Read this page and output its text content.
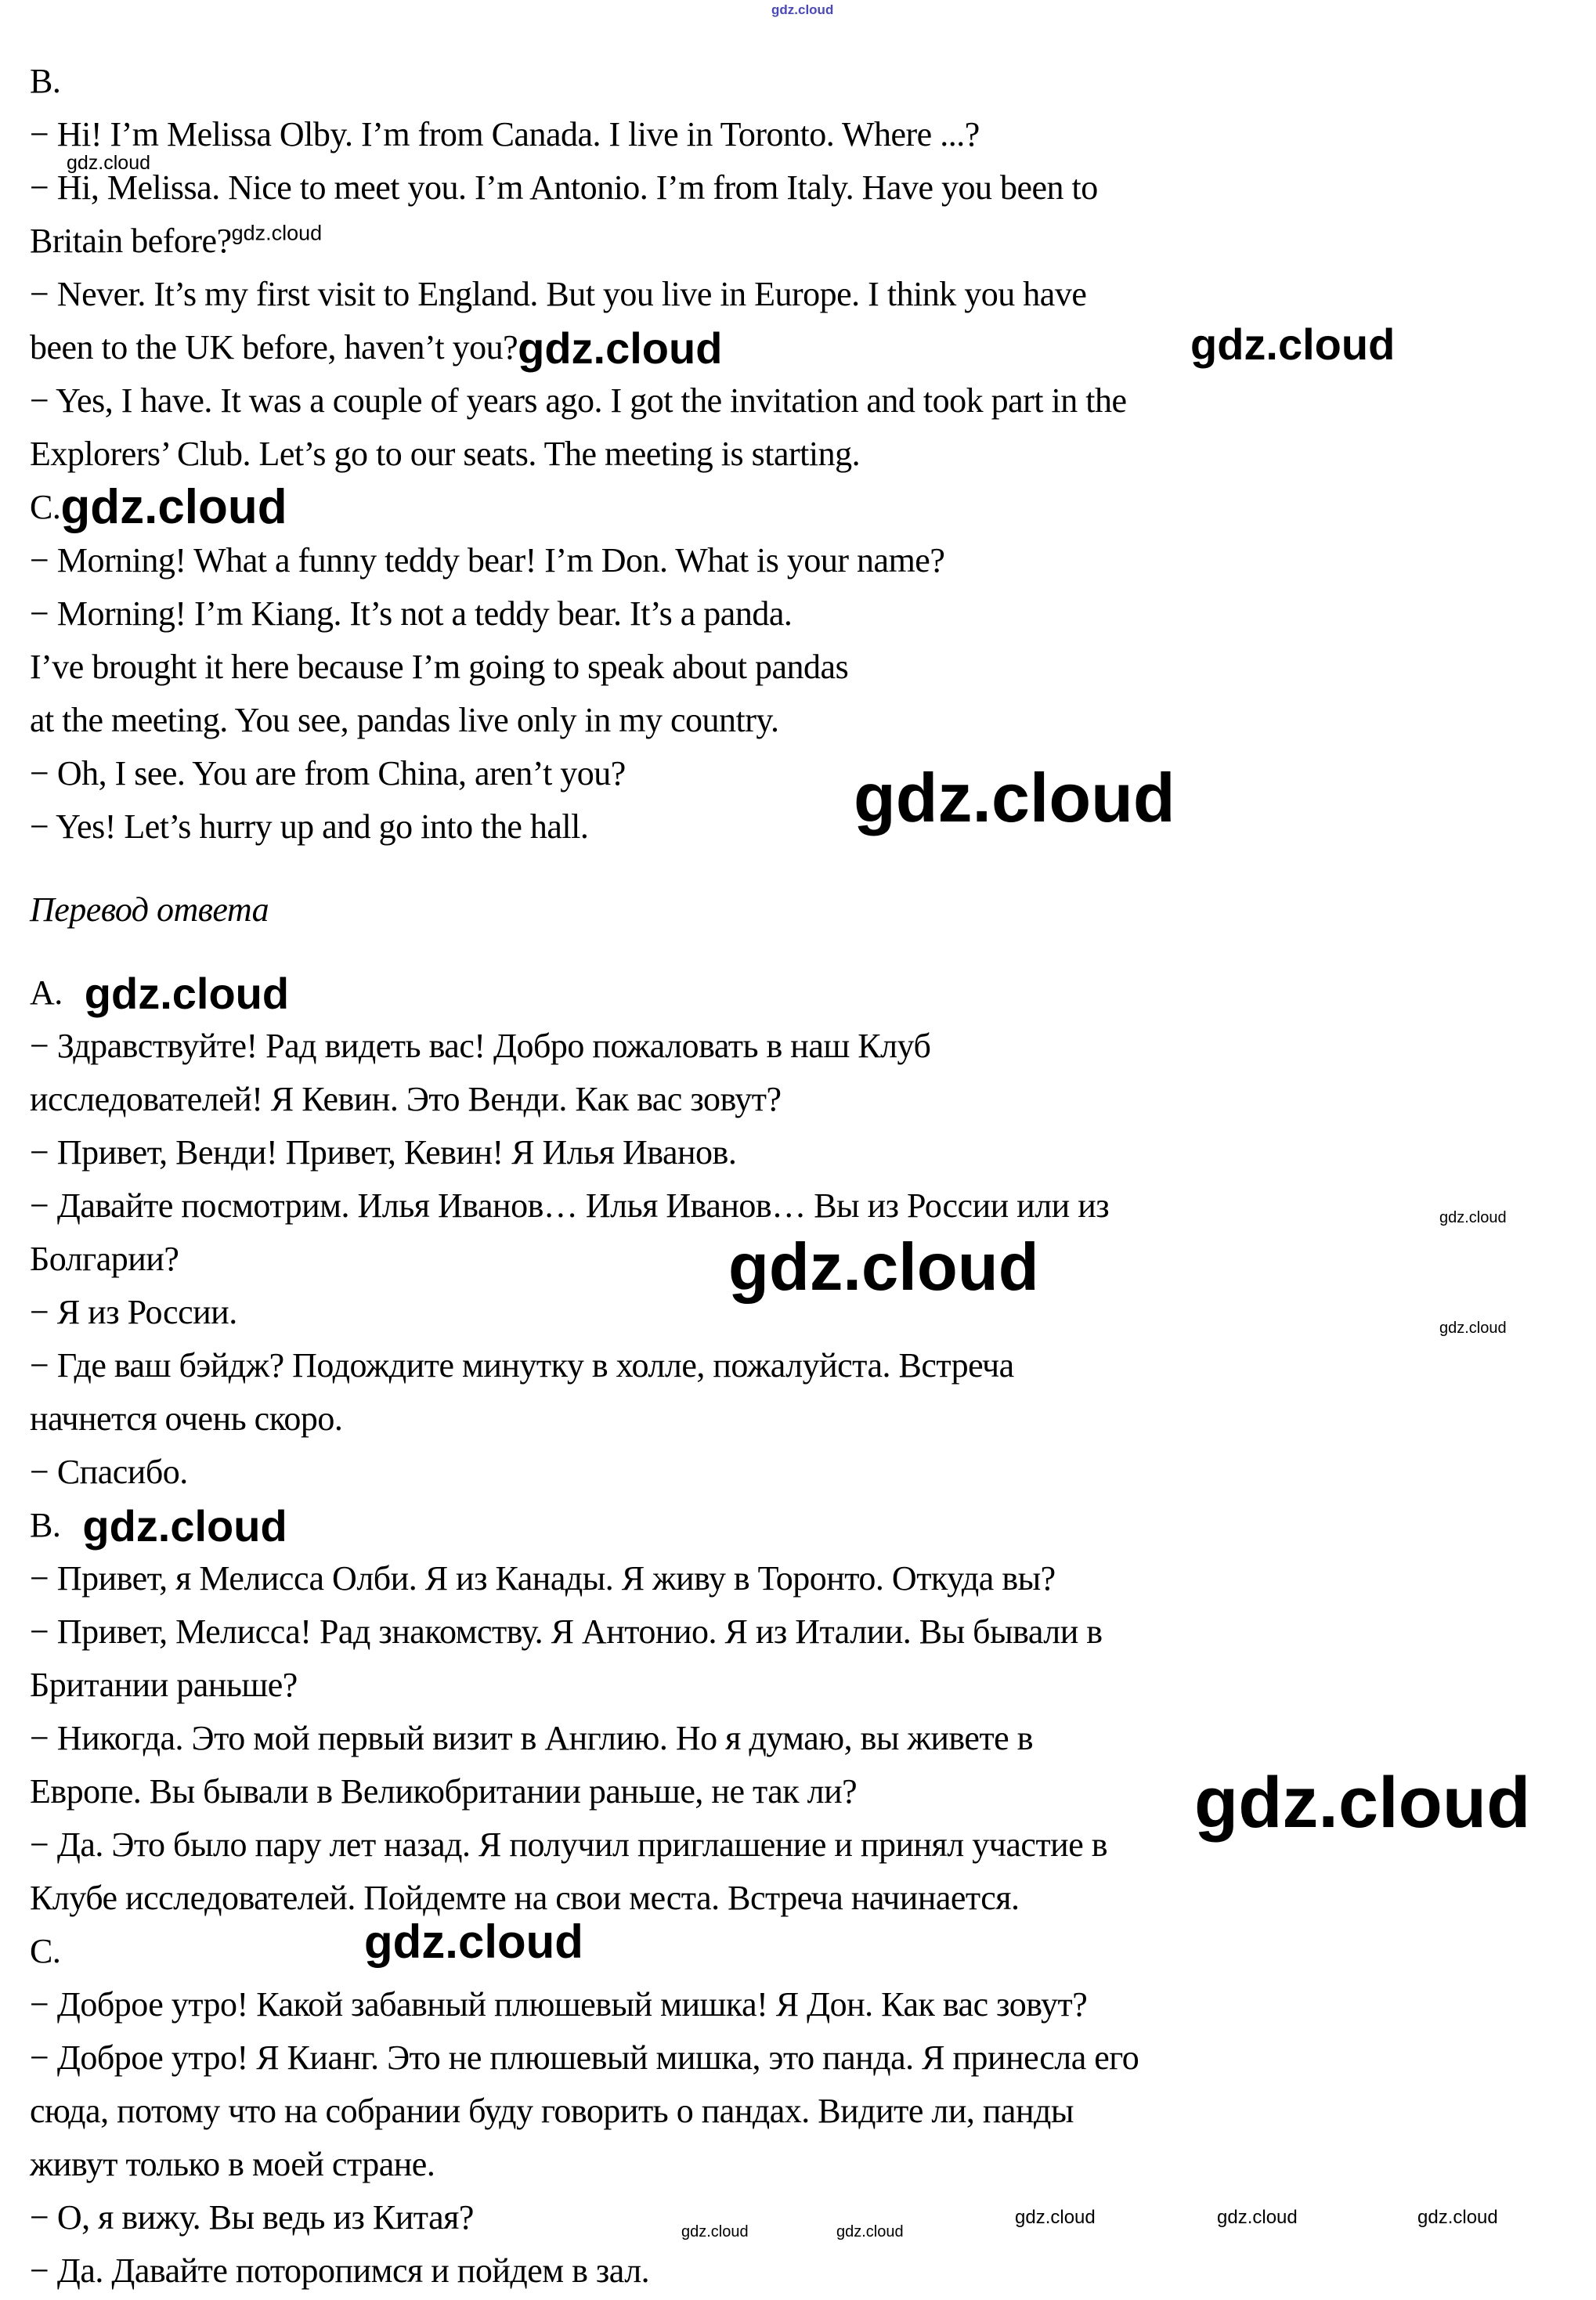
B.
− Hi! I’m Melissa Olby. I’m from Canada. I live in Toronto. Where ...?
− Hi, Melissa. Nice to meet you. I’m Antonio. I’m from Italy. Have you been to
Britain before?$^{gdz.cloud}$
− Never. It’s my first visit to England. But you live in Europe. I think you have
been to the UK before, haven’t you?gdz.cloud
− Yes, I have. It was a couple of years ago. I got the invitation and took part in the
Explorers’ Club. Let’s go to our seats. The meeting is starting.
C.gdz.cloud
− Morning! What a funny teddy bear! I’m Don. What is your name?
− Morning! I’m Kiang. It’s not a teddy bear. It’s a panda.
I’ve brought it here because I’m going to speak about pandas
at the meeting. You see, pandas live only in my country.
− Oh, I see. You are from China, aren’t you?
− Yes! Let’s hurry up and go into the hall.
Перевод ответа
A. gdz.cloud
− Здравствуйте! Рад видеть вас! Добро пожаловать в наш Клуб
исследователей! Я Кевин. Это Венди. Как вас зовут?
− Привет, Венди! Привет, Кевин! Я Илья Иванов.
− Давайте посмотрим. Илья Иванов… Илья Иванов… Вы из России или из
Болгарии?
− Я из России.
− Где ваш бэйдж? Подождите минутку в холле, пожалуйста. Встреча
начнется очень скоро.
− Спасибо.
B. gdz.cloud
− Привет, я Мелисса Олби. Я из Канады. Я живу в Торонто. Откуда вы?
− Привет, Мелисса! Рад знакомству. Я Антонио. Я из Италии. Вы бывали в
Британии раньше?
− Никогда. Это мой первый визит в Англию. Но я думаю, вы живете в
Европе. Вы бывали в Великобритании раньше, не так ли?
− Да. Это было пару лет назад. Я получил приглашение и принял участие в
Клубе исследователей. Пойдемте на свои места. Встреча начинается.
C.
− Доброе утро! Какой забавный плюшевый мишка! Я Дон. Как вас зовут?
− Доброе утро! Я Кианг. Это не плюшевый мишка, это панда. Я принесла его
сюда, потому что на собрании буду говорить о пандах. Видите ли, панды
живут только в моей стране.
− О, я вижу. Вы ведь из Китая?
− Да. Давайте поторопимся и пойдем в зал.
gdz.cloud
gdz.cloud
gdz.cloud
gdz.cloud
gdz.cloud
gdz.cloud
gdz.cloud
gdz.cloud
gdz.cloud
gdz.cloud	gdz.cloud
gdz.cloud	gdz.cloud	gdz.cloud
